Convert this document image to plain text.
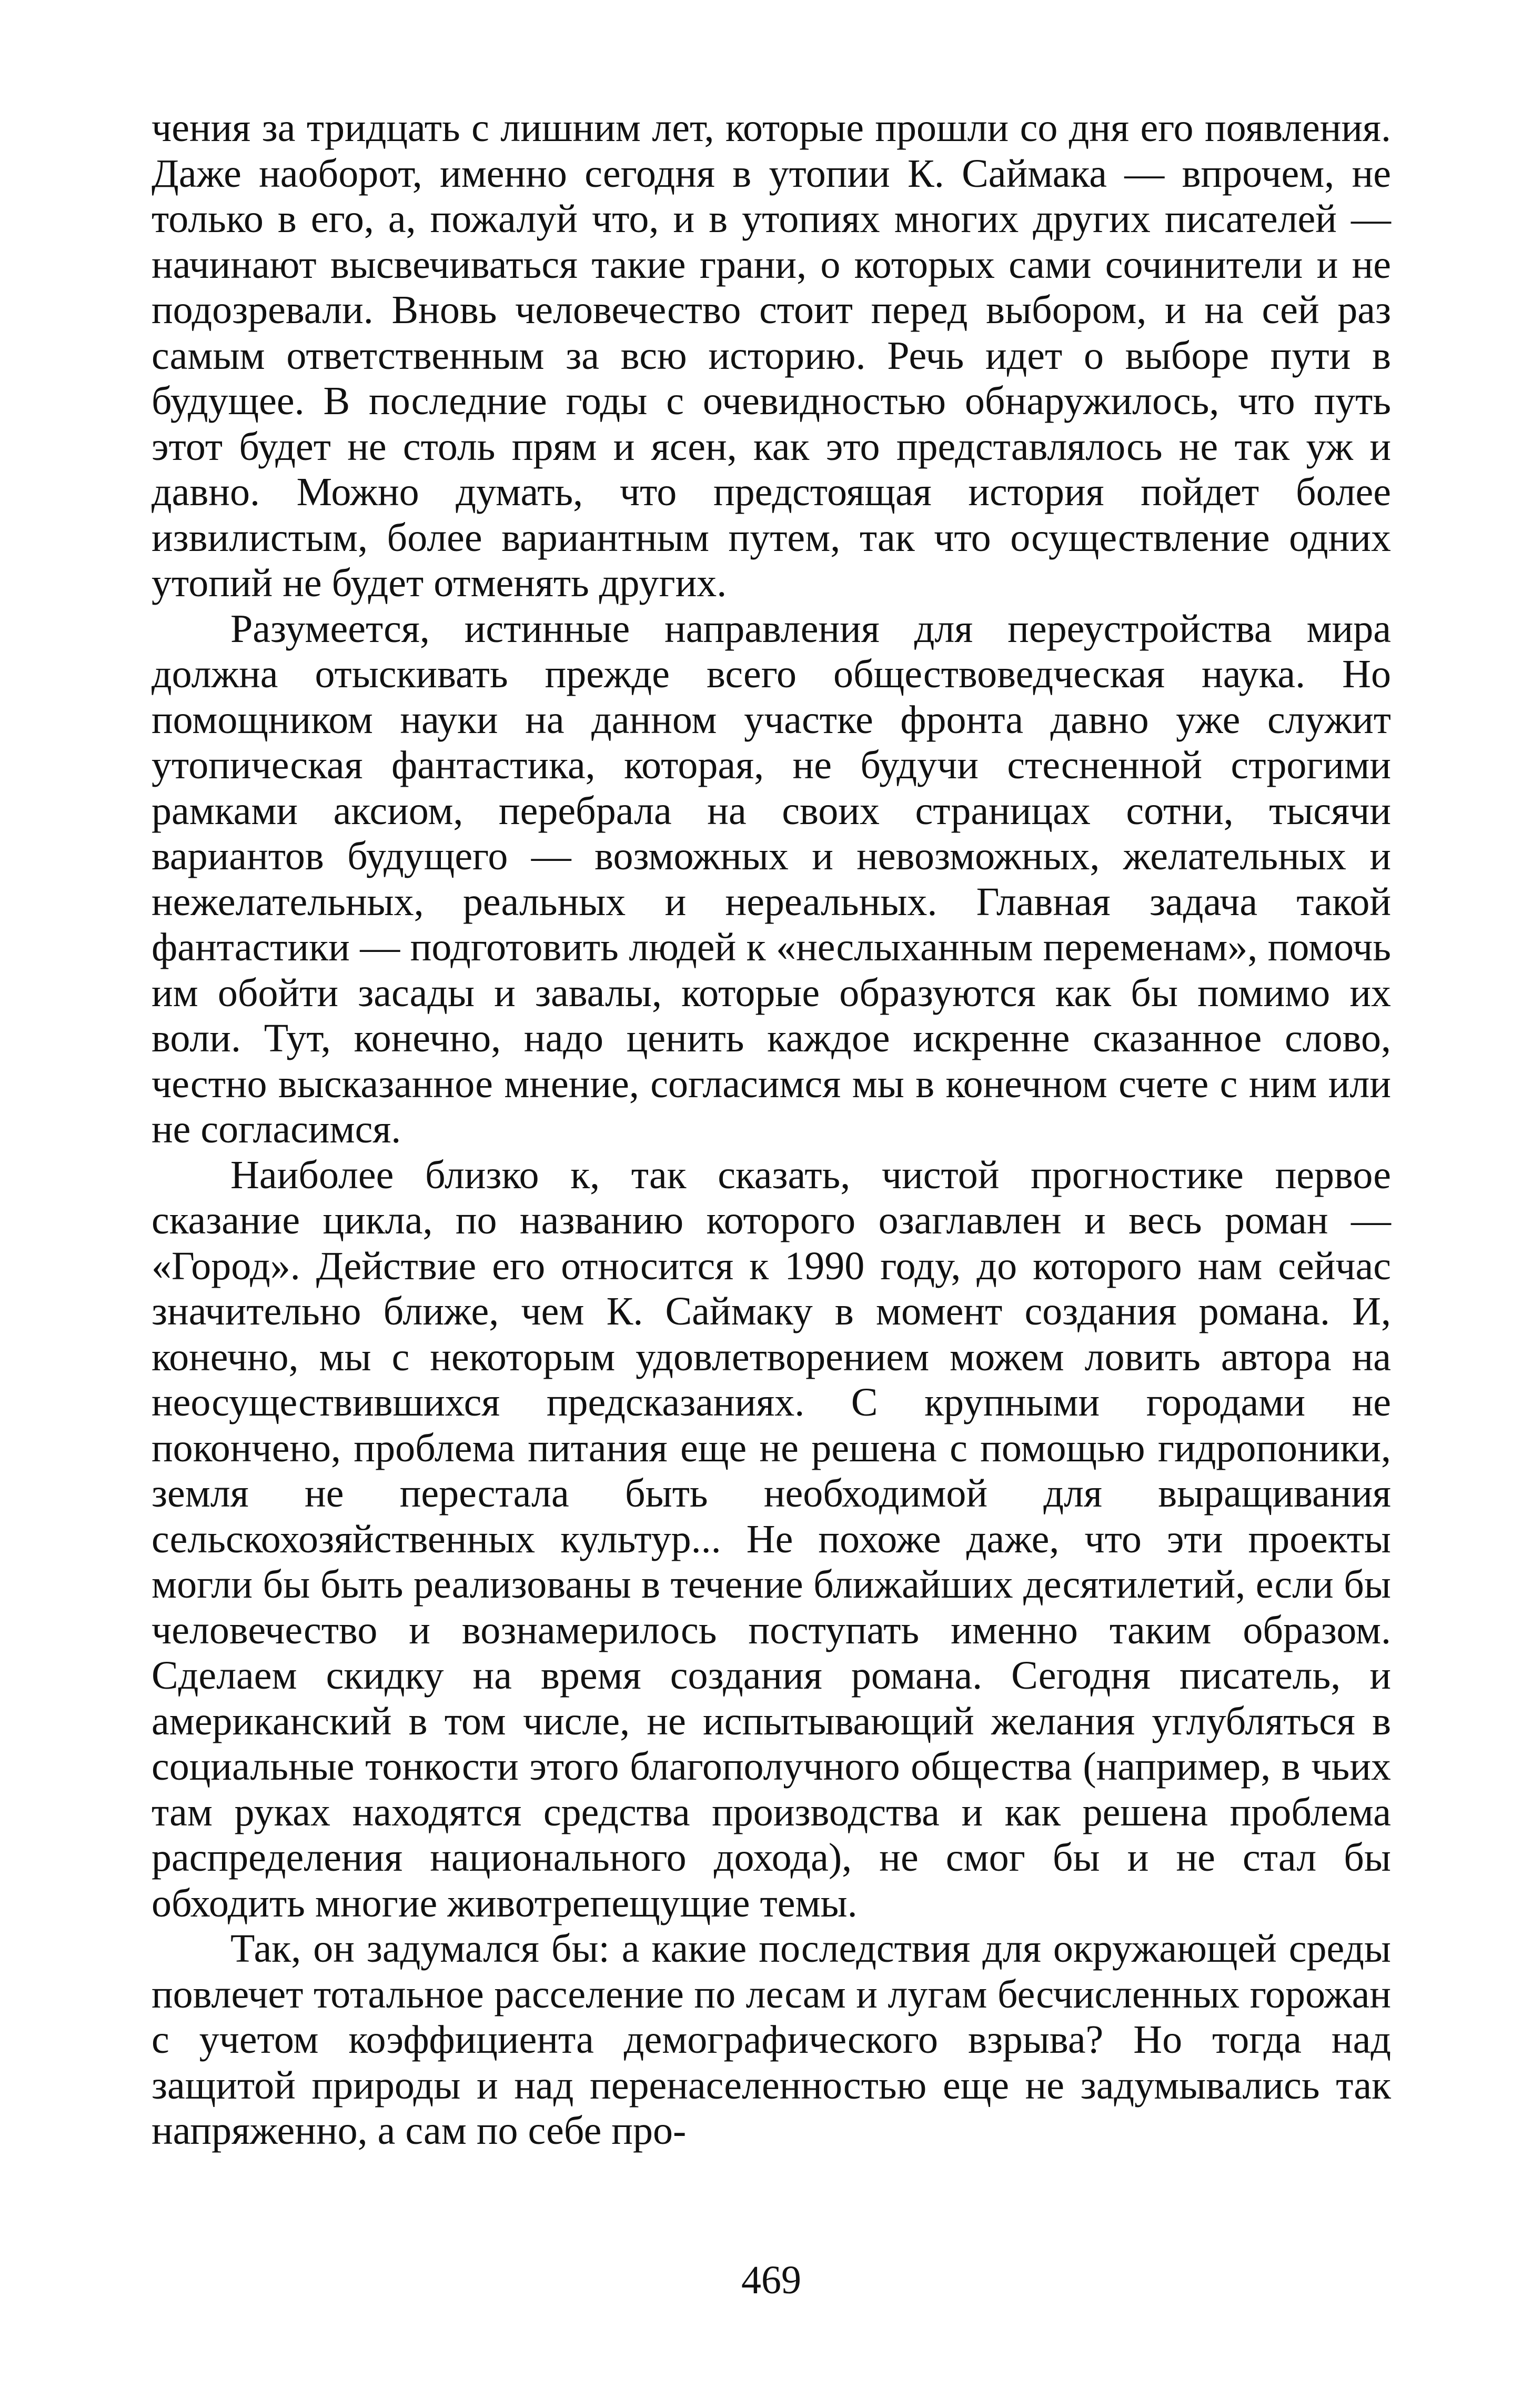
чения за тридцать с лишним лет, которые прошли со дня его появления. Даже наоборот, именно сегодня в утопии К. Саймака — впрочем, не только в его, а, пожалуй что, и в утопиях многих других писателей — начинают высвечиваться такие грани, о которых сами сочинители и не подозревали. Вновь человечество стоит перед выбором, и на сей раз самым ответственным за всю историю. Речь идет о выборе пути в будущее. В последние годы с очевидностью обнаружилось, что путь этот будет не столь прям и ясен, как это представлялось не так уж и давно. Можно думать, что предстоящая история пойдет более извилистым, более вариантным путем, так что осуществление одних утопий не будет отменять других.

Разумеется, истинные направления для переустройства мира должна отыскивать прежде всего обществоведческая наука. Но помощником науки на данном участке фронта давно уже служит утопическая фантастика, которая, не будучи стесненной строгими рамками аксиом, перебрала на своих страницах сотни, тысячи вариантов будущего — возможных и невозможных, желательных и нежелательных, реальных и нереальных. Главная задача такой фантастики — подготовить людей к «неслыханным переменам», помочь им обойти засады и завалы, которые образуются как бы помимо их воли. Тут, конечно, надо ценить каждое искренне сказанное слово, честно высказанное мнение, согласимся мы в конечном счете с ним или не согласимся.

Наиболее близко к, так сказать, чистой прогностике первое сказание цикла, по названию которого озаглавлен и весь роман — «Город». Действие его относится к 1990 году, до которого нам сейчас значительно ближе, чем К. Саймаку в момент создания романа. И, конечно, мы с некоторым удовлетворением можем ловить автора на неосуществившихся предсказаниях. С крупными городами не покончено, проблема питания еще не решена с помощью гидропоники, земля не перестала быть необходимой для выращивания сельскохозяйственных культур... Не похоже даже, что эти проекты могли бы быть реализованы в течение ближайших десятилетий, если бы человечество и вознамерилось поступать именно таким образом. Сделаем скидку на время создания романа. Сегодня писатель, и американский в том числе, не испытывающий желания углубляться в социальные тонкости этого благополучного общества (например, в чьих там руках находятся средства производства и как решена проблема распределения национального дохода), не смог бы и не стал бы обходить многие животрепещущие темы.

Так, он задумался бы: а какие последствия для окружающей среды повлечет тотальное расселение по лесам и лугам бесчисленных горожан с учетом коэффициента демографического взрыва? Но тогда над защитой природы и над перенаселенностью еще не задумывались так напряженно, а сам по себе про-

469
